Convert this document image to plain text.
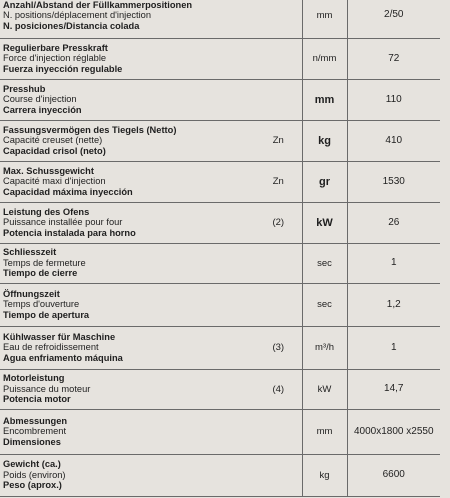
Anzahl/Abstand der Füllkammerpositionen
N. positions/déplacement d'injection
N. posiciones/Distancia colada		mm	2/50

Regulierbare Presskraft
Force d'injection réglable
Fuerza inyección regulable		n/mm	72

Presshub
Course d'injection
Carrera inyección		mm	110

Fassungsvermögen des Tiegels (Netto)
Capacité creuset (nette)
Capacidad crisol (neto)	Zn	kg	410

Max. Schussgewicht
Capacité maxi d'injection
Capacidad máxima inyección	Zn	gr	1530

Leistung des Ofens
Puissance installée pour four
Potencia instalada para horno	(2)	kW	26

Schliesszeit
Temps de fermeture
Tiempo de cierre		sec	1

Öffnungszeit
Temps d'ouverture
Tiempo de apertura		sec	1,2

Kühlwasser für Maschine
Eau de refroidissement
Agua enfriamento máquina	(3)	m³/h	1

Motorleistung
Puissance du moteur
Potencia motor	(4)	kW	14,7

Abmessungen
Encombrement
Dimensiones		mm	4000x1800 x2550

Gewicht (ca.)
Poids (environ)
Peso (aprox.)		kg	6600
